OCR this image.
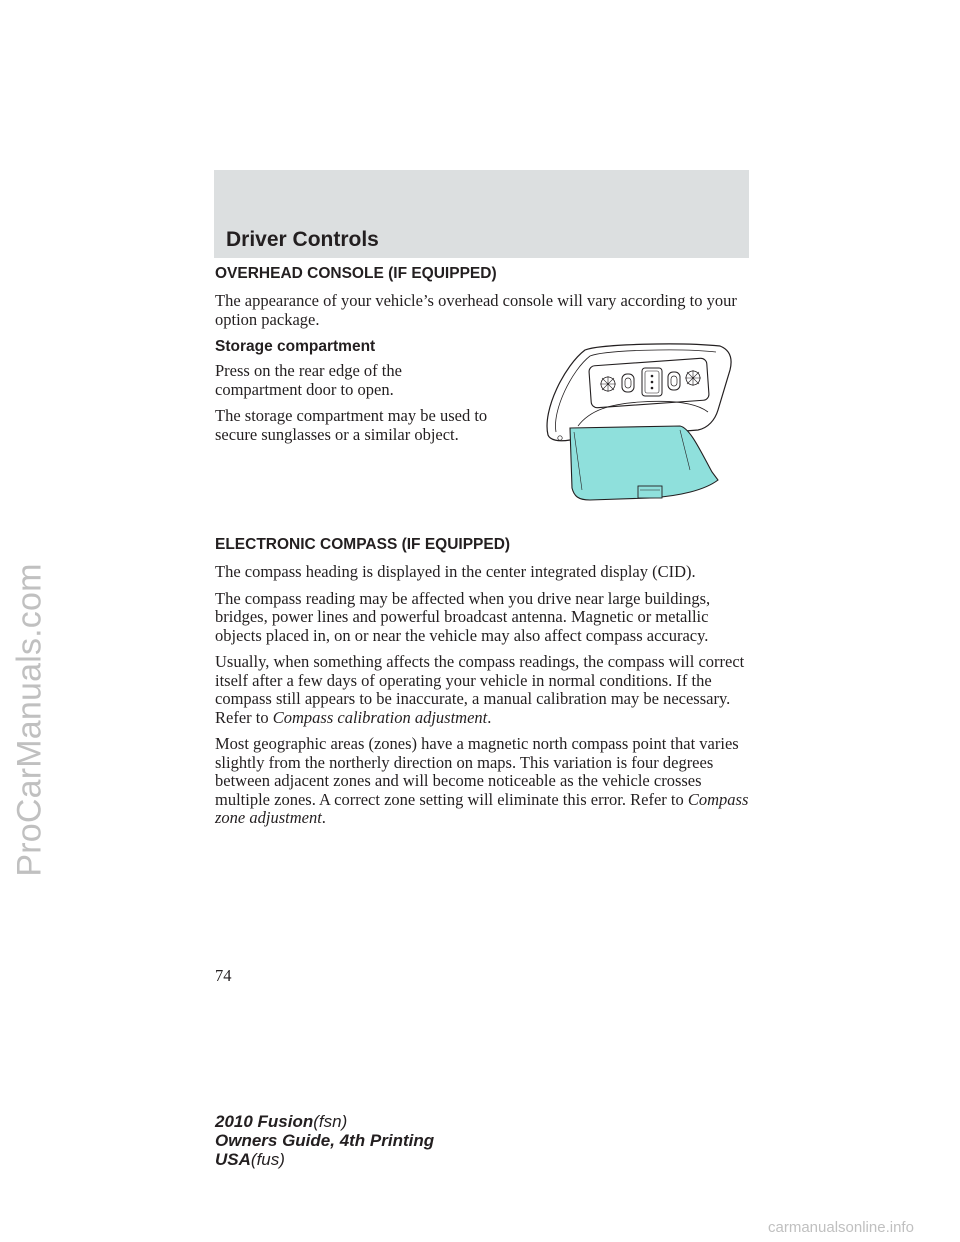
ProCarManuals.com
Driver Controls
OVERHEAD CONSOLE (IF EQUIPPED)

The appearance of your vehicle’s overhead console will vary according to your option package.

Storage compartment

Press on the rear edge of the compartment door to open.

The storage compartment may be used to secure sunglasses or a similar object.

ELECTRONIC COMPASS (IF EQUIPPED)

The compass heading is displayed in the center integrated display (CID).

The compass reading may be affected when you drive near large buildings, bridges, power lines and powerful broadcast antenna. Magnetic or metallic objects placed in, on or near the vehicle may also affect compass accuracy.

Usually, when something affects the compass readings, the compass will correct itself after a few days of operating your vehicle in normal conditions. If the compass still appears to be inaccurate, a manual calibration may be necessary. Refer to Compass calibration adjustment.

Most geographic areas (zones) have a magnetic north compass point that varies slightly from the northerly direction on maps. This variation is four degrees between adjacent zones and will become noticeable as the vehicle crosses multiple zones. A correct zone setting will eliminate this error. Refer to Compass zone adjustment.

74
2010 Fusion(fsn)
Owners Guide, 4th Printing
USA(fus)
carmanualsonline.info
